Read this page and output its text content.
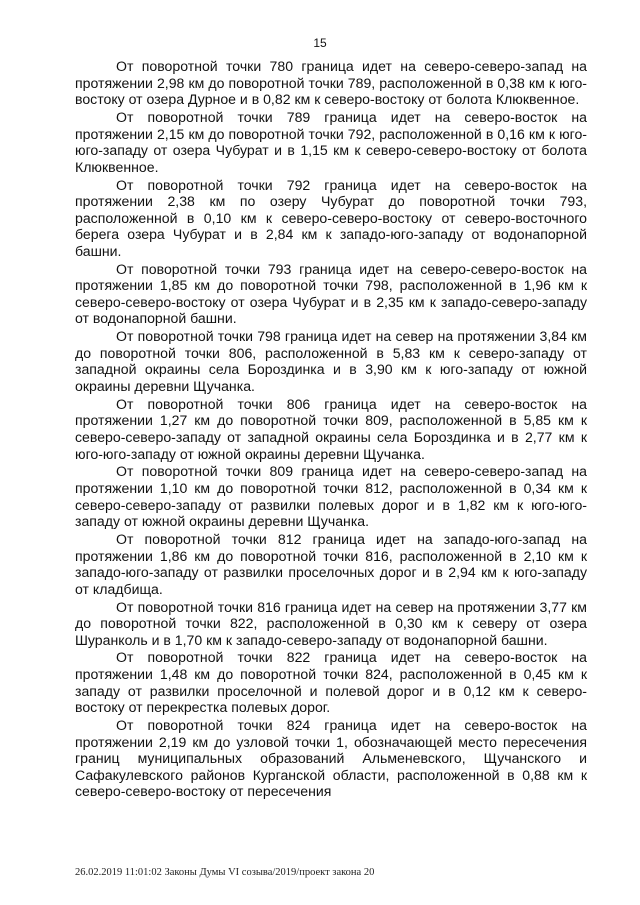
15

От поворотной точки 780 граница идет на северо-северо-запад на протяжении 2,98 км до поворотной точки 789, расположенной в 0,38 км к юго-востоку от озера Дурное и в 0,82 км к северо-востоку от болота Клюквенное.

От поворотной точки 789 граница идет на северо-восток на протяжении 2,15 км до поворотной точки 792, расположенной в 0,16 км к юго-юго-западу от озера Чубурат и в 1,15 км к северо-северо-востоку от болота Клюквенное.

От поворотной точки 792 граница идет на северо-восток на протяжении 2,38 км по озеру Чубурат до поворотной точки 793, расположенной в 0,10 км к северо-северо-востоку от северо-восточного берега озера Чубурат и в 2,84 км к западо-юго-западу от водонапорной башни.

От поворотной точки 793 граница идет на северо-северо-восток на протяжении 1,85 км до поворотной точки 798, расположенной в 1,96 км к северо-северо-востоку от озера Чубурат и в 2,35 км к западо-северо-западу от водонапорной башни.

От поворотной точки 798 граница идет на север на протяжении 3,84 км до поворотной точки 806, расположенной в 5,83 км к северо-западу от западной окраины села Бороздинка и в 3,90 км к юго-западу от южной окраины деревни Щучанка.

От поворотной точки 806 граница идет на северо-восток на протяжении 1,27 км до поворотной точки 809, расположенной в 5,85 км к северо-северо-западу от западной окраины села Бороздинка и в 2,77 км к юго-юго-западу от южной окраины деревни Щучанка.

От поворотной точки 809 граница идет на северо-северо-запад на протяжении 1,10 км до поворотной точки 812, расположенной в 0,34 км к северо-северо-западу от развилки полевых дорог и в 1,82 км к юго-юго-западу от южной окраины деревни Щучанка.

От поворотной точки 812 граница идет на западо-юго-запад на протяжении 1,86 км до поворотной точки 816, расположенной в 2,10 км к западо-юго-западу от развилки проселочных дорог и в 2,94 км к юго-западу от кладбища.

От поворотной точки 816 граница идет на север на протяжении 3,77 км до поворотной точки 822, расположенной в 0,30 км к северу от озера Шуранколь и в 1,70 км к западо-северо-западу от водонапорной башни.

От поворотной точки 822 граница идет на северо-восток на протяжении 1,48 км до поворотной точки 824, расположенной в 0,45 км к западу от развилки проселочной и полевой дорог и в 0,12 км к северо-востоку от перекрестка полевых дорог.

От поворотной точки 824 граница идет на северо-восток на протяжении 2,19 км до узловой точки 1, обозначающей место пересечения границ муниципальных образований Альменевского, Щучанского и Сафакулевского районов Курганской области, расположенной в 0,88 км к северо-северо-востоку от пересечения

26.02.2019 11:01:02 Законы Думы VI созыва/2019/проект закона 20
